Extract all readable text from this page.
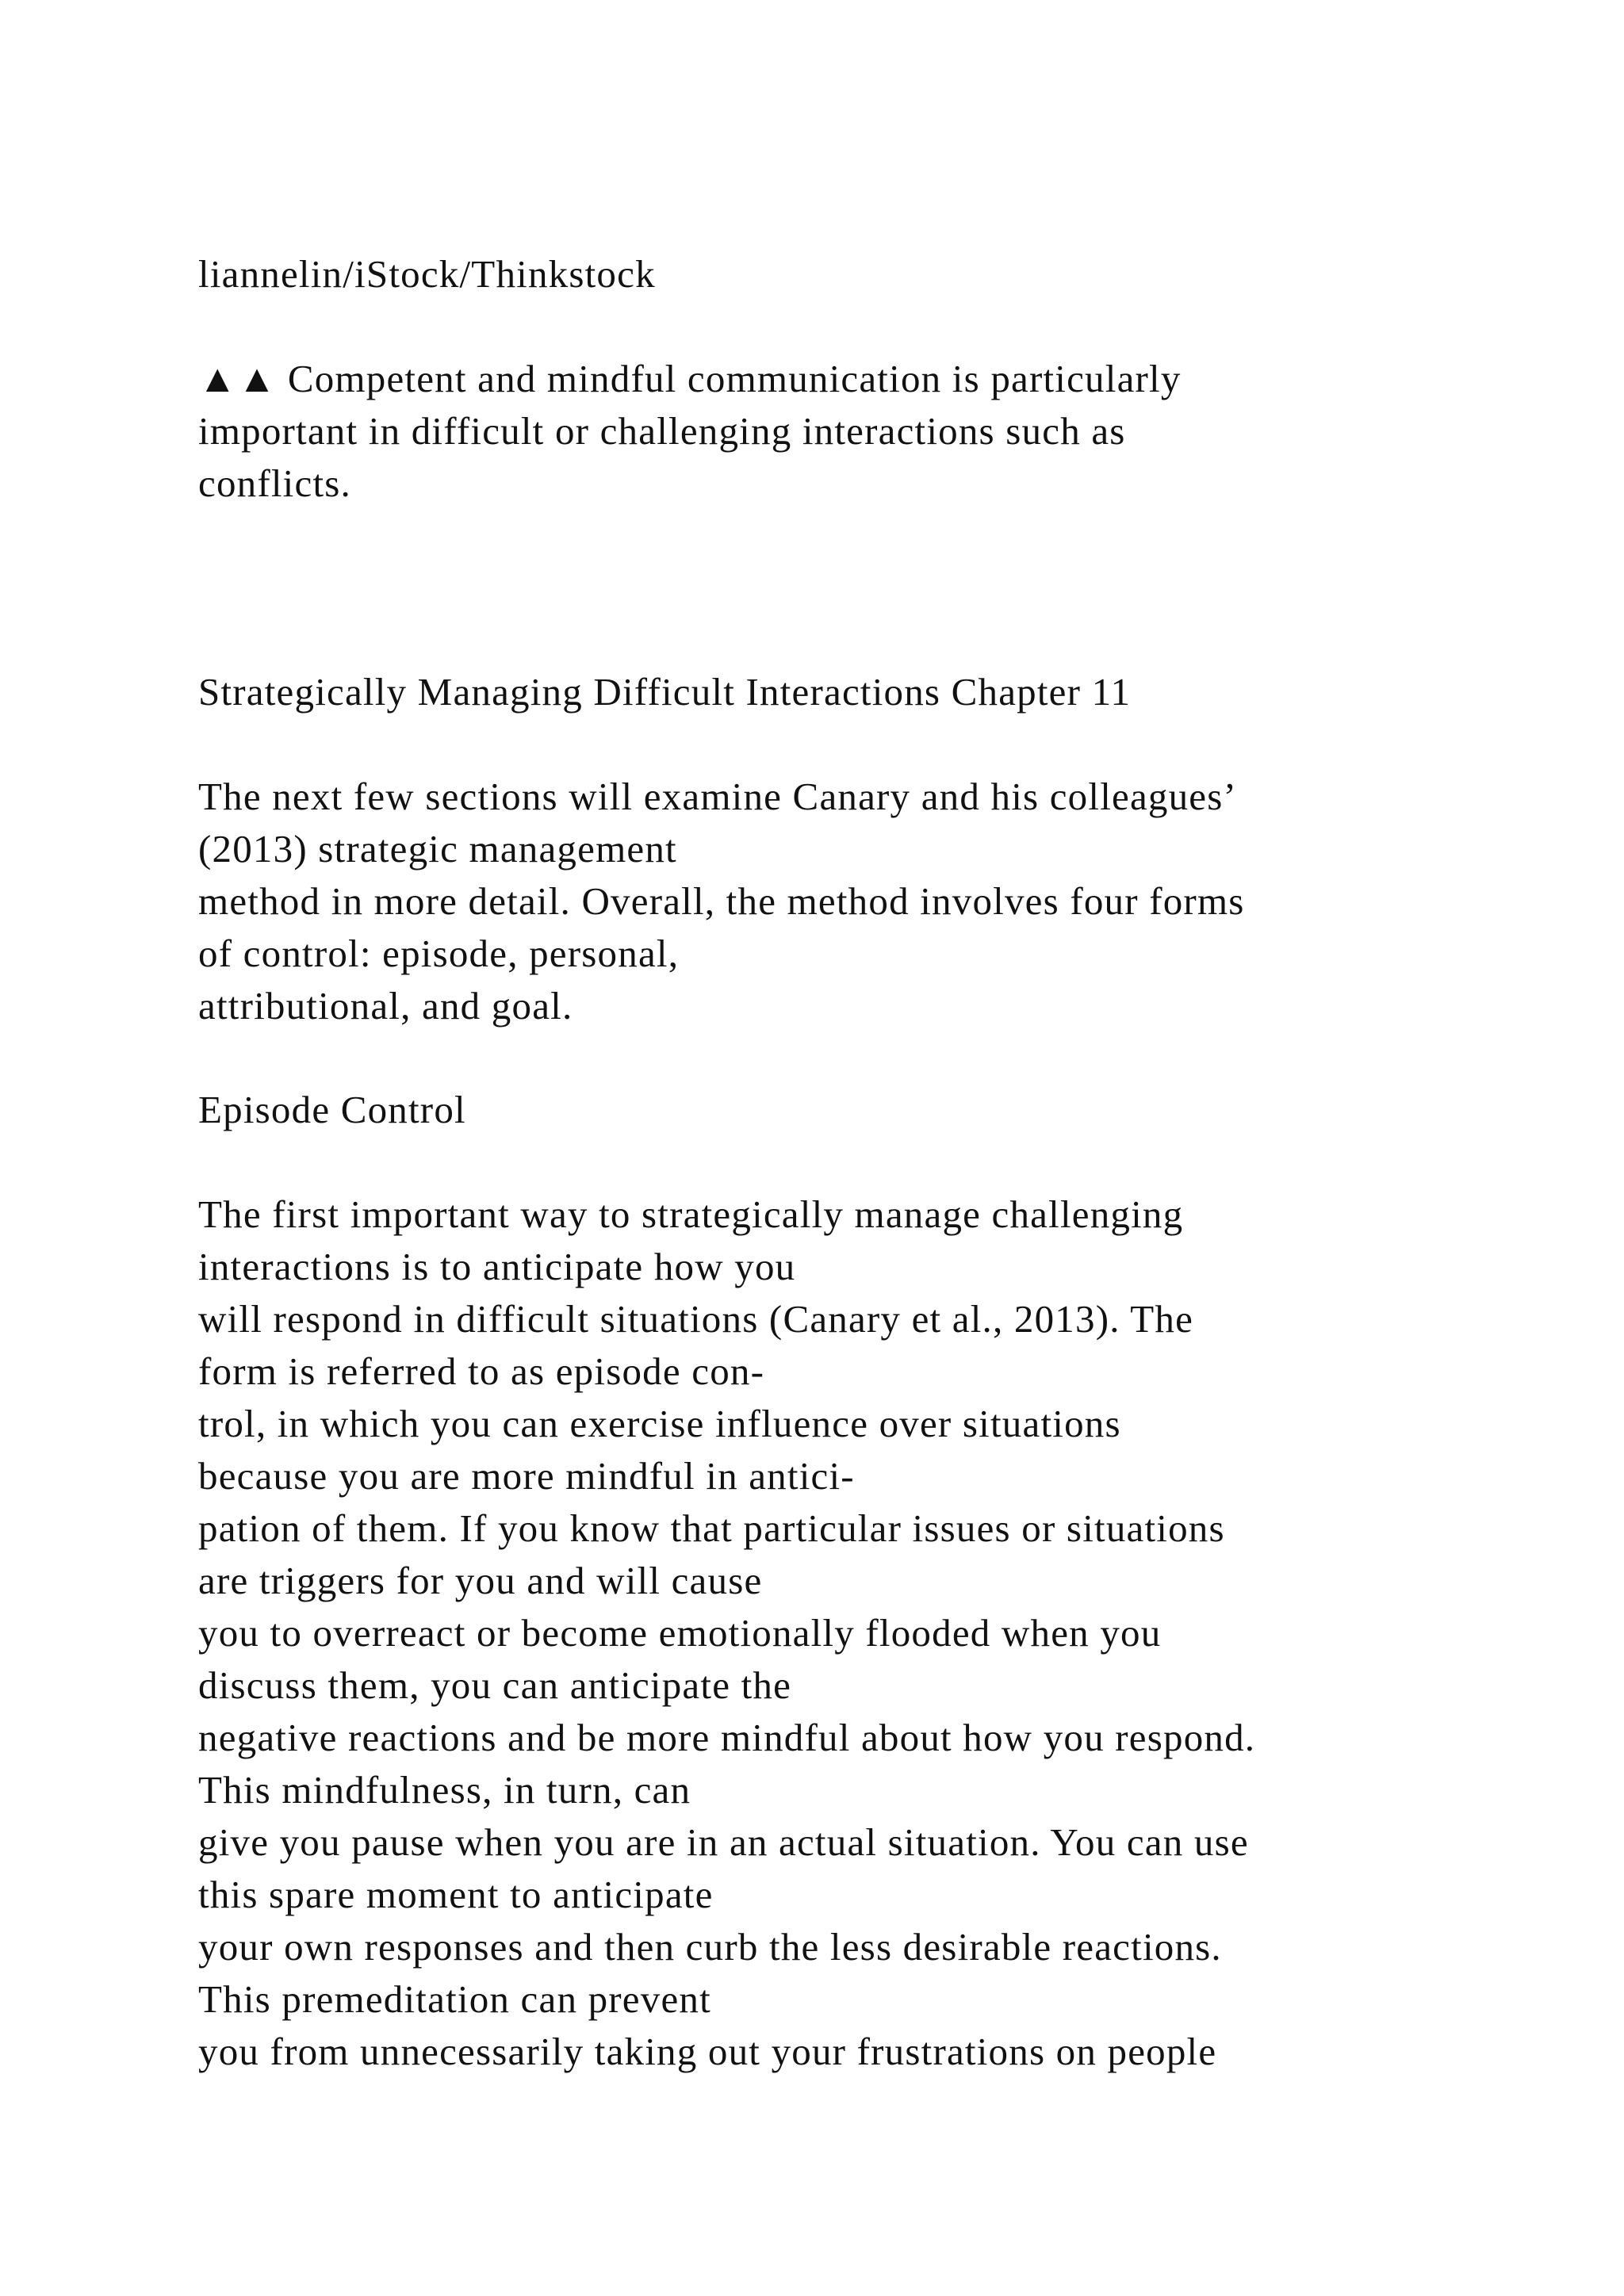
liannelin/iStock/Thinkstock

▲▲ Competent and mindful communication is particularly
important in difficult or challenging interactions such as
conflicts.

Strategically Managing Difficult Interactions Chapter 11

The next few sections will examine Canary and his colleagues’
(2013) strategic management
method in more detail. Overall, the method involves four forms
of control: episode, personal,
attributional, and goal.

Episode Control

The first important way to strategically manage challenging
interactions is to anticipate how you
will respond in difficult situations (Canary et al., 2013). The
form is referred to as episode con-
trol, in which you can exercise influence over situations
because you are more mindful in antici-
pation of them. If you know that particular issues or situations
are triggers for you and will cause
you to overreact or become emotionally flooded when you
discuss them, you can anticipate the
negative reactions and be more mindful about how you respond.
This mindfulness, in turn, can
give you pause when you are in an actual situation. You can use
this spare moment to anticipate
your own responses and then curb the less desirable reactions.
This premeditation can prevent
you from unnecessarily taking out your frustrations on people
